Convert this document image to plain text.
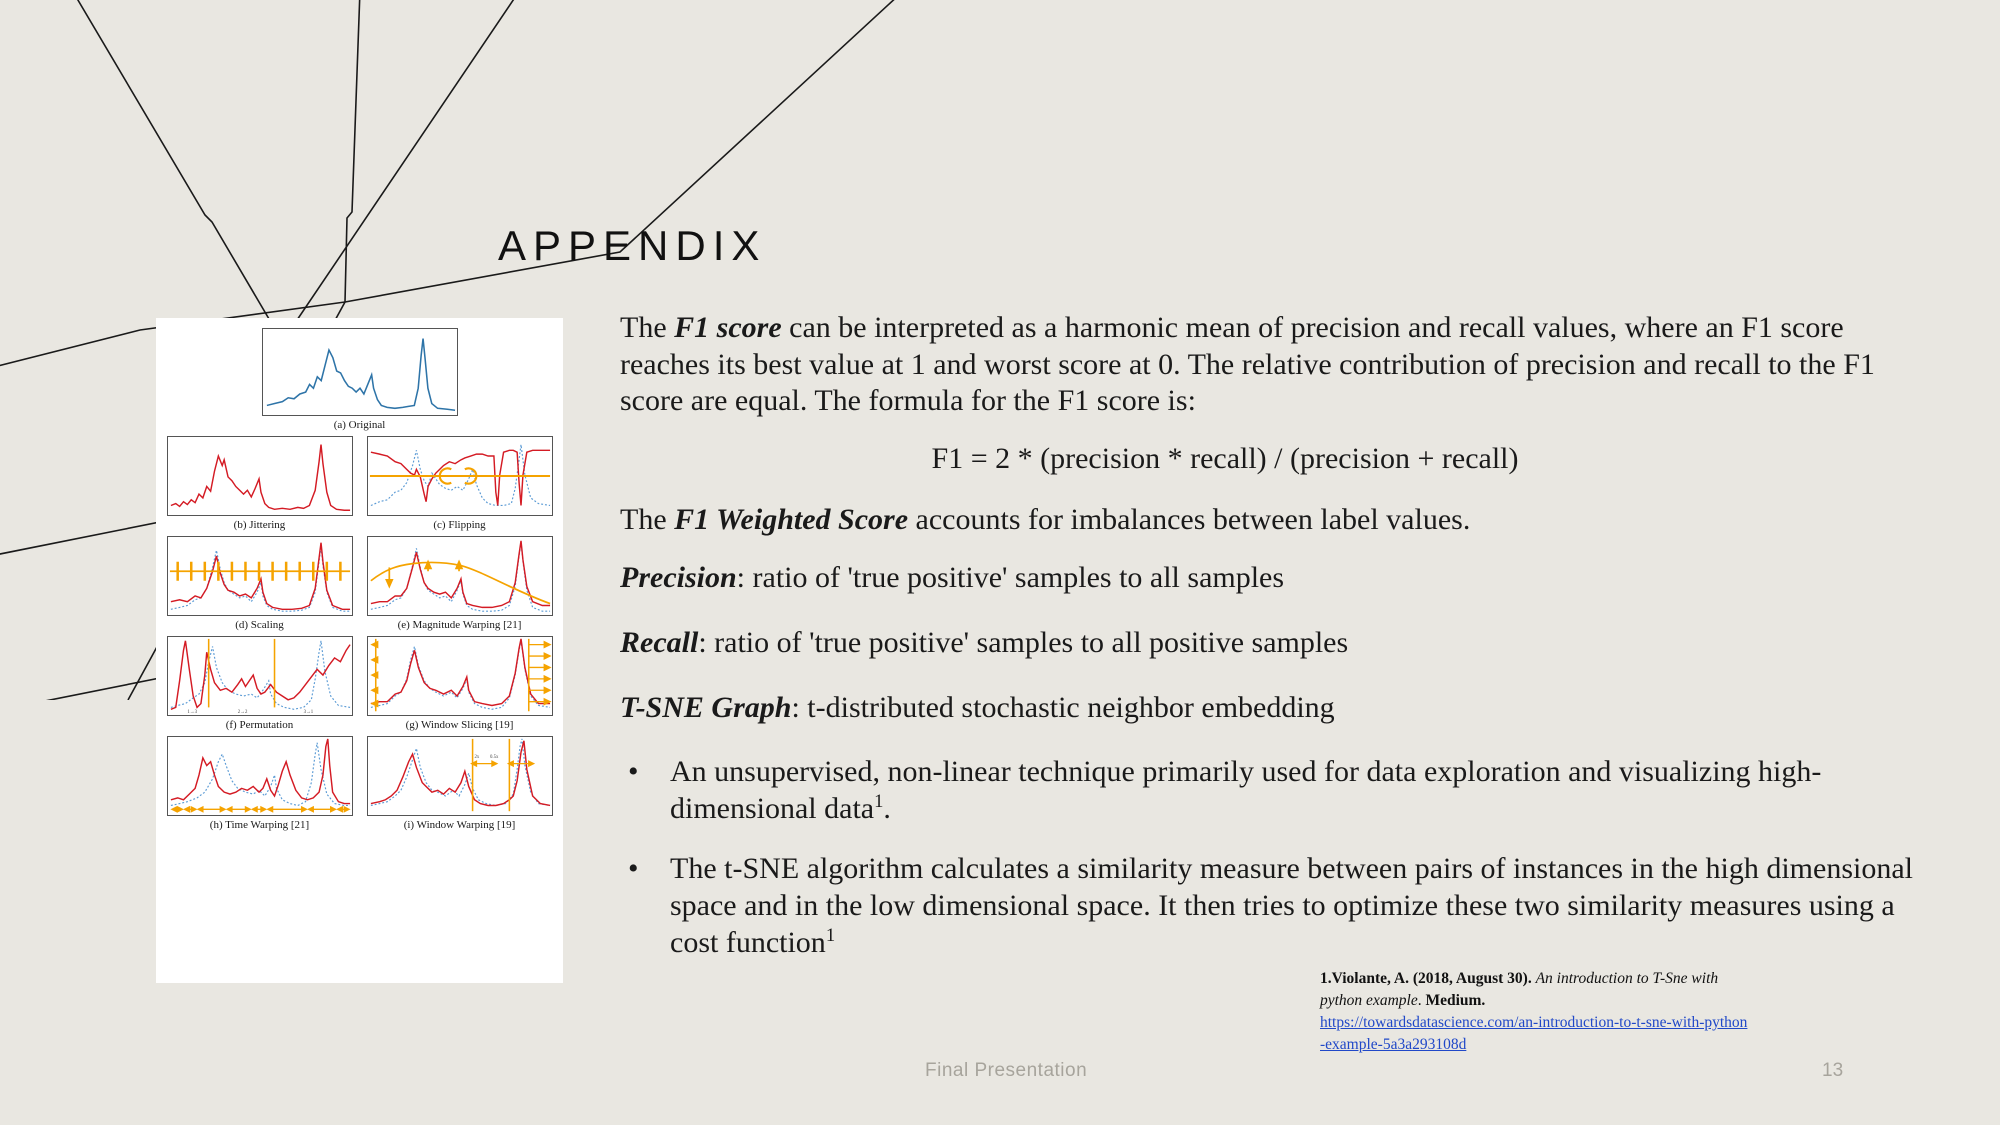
APPENDIX
(a) Original
(b) Jittering	(c) Flipping
(d) Scaling	(e) Magnitude Warping [21]
1→3	2→2	3→1
(f) Permutation	(g) Window Slicing [19]
(h) Time Warping [21]
2x 0.5x
(i) Window Warping [19]

The F1 score can be interpreted as a harmonic mean of precision and recall values, where an F1 score reaches its best value at 1 and worst score at 0. The relative contribution of precision and recall to the F1 score are equal. The formula for the F1 score is:

F1 = 2 * (precision * recall) / (precision + recall)

The F1 Weighted Score accounts for imbalances between label values.

Precision: ratio of 'true positive' samples to all samples

Recall: ratio of 'true positive' samples to all positive samples

T-SNE Graph: t-distributed stochastic neighbor embedding

• An unsupervised, non-linear technique primarily used for data exploration and visualizing high-dimensional data$^1$.
• The t-SNE algorithm calculates a similarity measure between pairs of instances in the high dimensional space and in the low dimensional space. It then tries to optimize these two similarity measures using a cost function$^1$
1.Violante, A. (2018, August 30). An introduction to T-Sne with python example. Medium.
https://towardsdatascience.com/an-introduction-to-t-sne-with-python-example-5a3a293108d
Final Presentation	13
